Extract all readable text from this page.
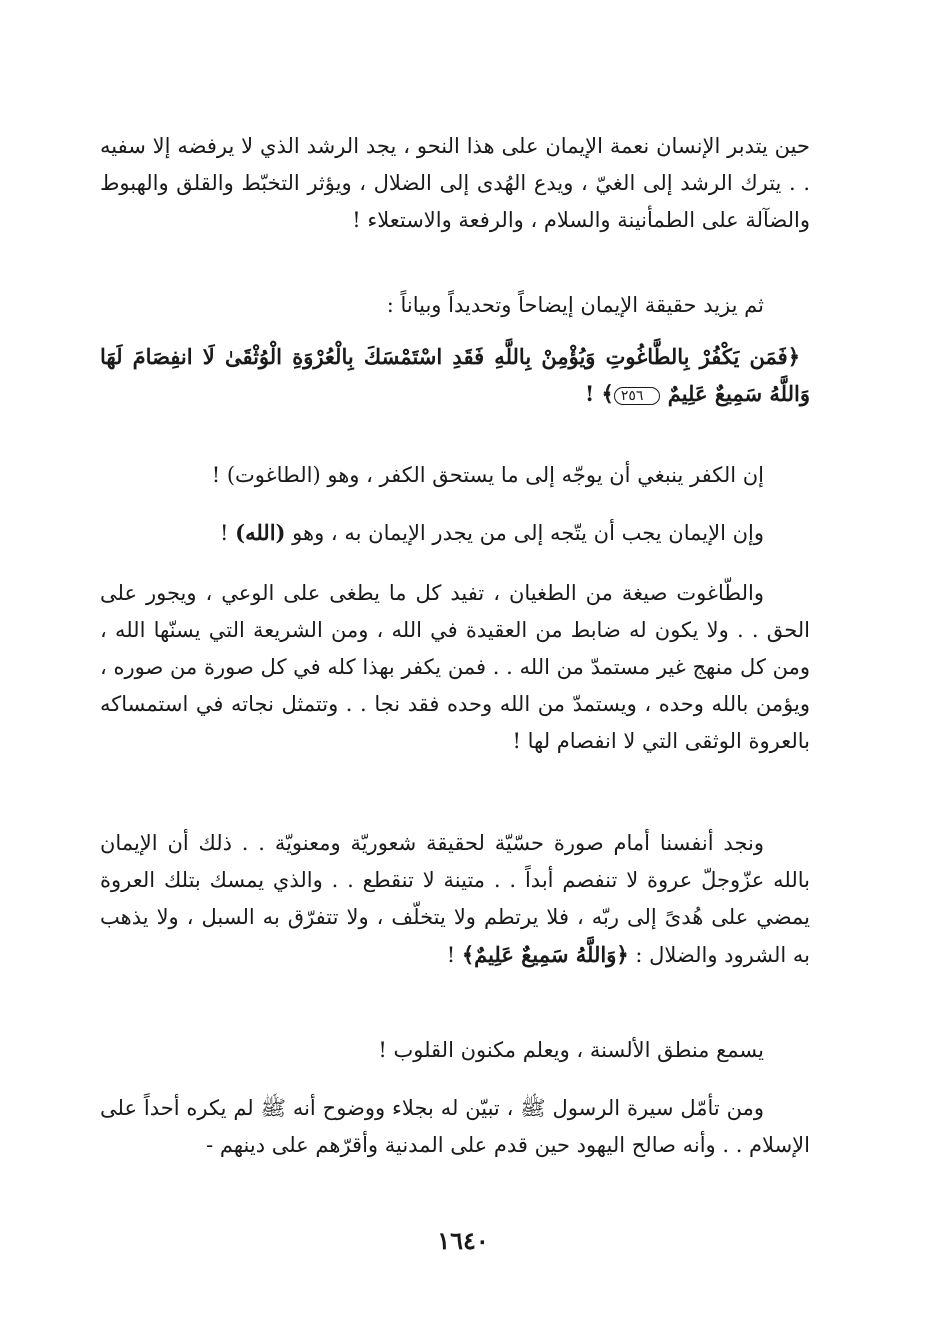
حين يتدبر الإنسان نعمة الإيمان على هذا النحو ، يجد الرشد الذي لا يرفضه إلا سفيه . . يترك الرشد إلى الغيّ ، ويدع الهُدى إلى الضلال ، ويؤثر التخبّط والقلق والهبوط والضآلة على الطمأنينة والسلام ، والرفعة والاستعلاء !

ثم يزيد حقيقة الإيمان إيضاحاً وتحديداً وبياناً :

﴿فَمَن يَكْفُرْ بِالطَّاغُوتِ وَيُؤْمِنْ بِاللَّهِ فَقَدِ اسْتَمْسَكَ بِالْعُرْوَةِ الْوُثْقَىٰ لَا انفِصَامَ لَهَا وَاللَّهُ سَمِيعٌ عَلِيمٌ ٢٥٦﴾ !

إن الكفر ينبغي أن يوجّه إلى ما يستحق الكفر ، وهو (الطاغوت) !

وإن الإيمان يجب أن يتّجه إلى من يجدر الإيمان به ، وهو (الله) !

والطّاغوت صيغة من الطغيان ، تفيد كل ما يطغى على الوعي ، ويجور على الحق . . ولا يكون له ضابط من العقيدة في الله ، ومن الشريعة التي يسنّها الله ، ومن كل منهج غير مستمدّ من الله . . فمن يكفر بهذا كله في كل صورة من صوره ، ويؤمن بالله وحده ، ويستمدّ من الله وحده فقد نجا . . وتتمثل نجاته في استمساكه بالعروة الوثقى التي لا انفصام لها !

ونجد أنفسنا أمام صورة حسّيّة لحقيقة شعوريّة ومعنويّة . . ذلك أن الإيمان بالله عزّوجلّ عروة لا تنفصم أبداً . . متينة لا تنقطع . . والذي يمسك بتلك العروة يمضي على هُدىً إلى ربّه ، فلا يرتطم ولا يتخلّف ، ولا تتفرّق به السبل ، ولا يذهب به الشرود والضلال : ﴿وَاللَّهُ سَمِيعٌ عَلِيمٌ﴾ !

يسمع منطق الألسنة ، ويعلم مكنون القلوب !

ومن تأمّل سيرة الرسول ﷺ ، تبيّن له بجلاء ووضوح أنه ﷺ لم يكره أحداً على الإسلام . . وأنه صالح اليهود حين قدم على المدنية وأقرّهم على دينهم -

١٦٤٠
